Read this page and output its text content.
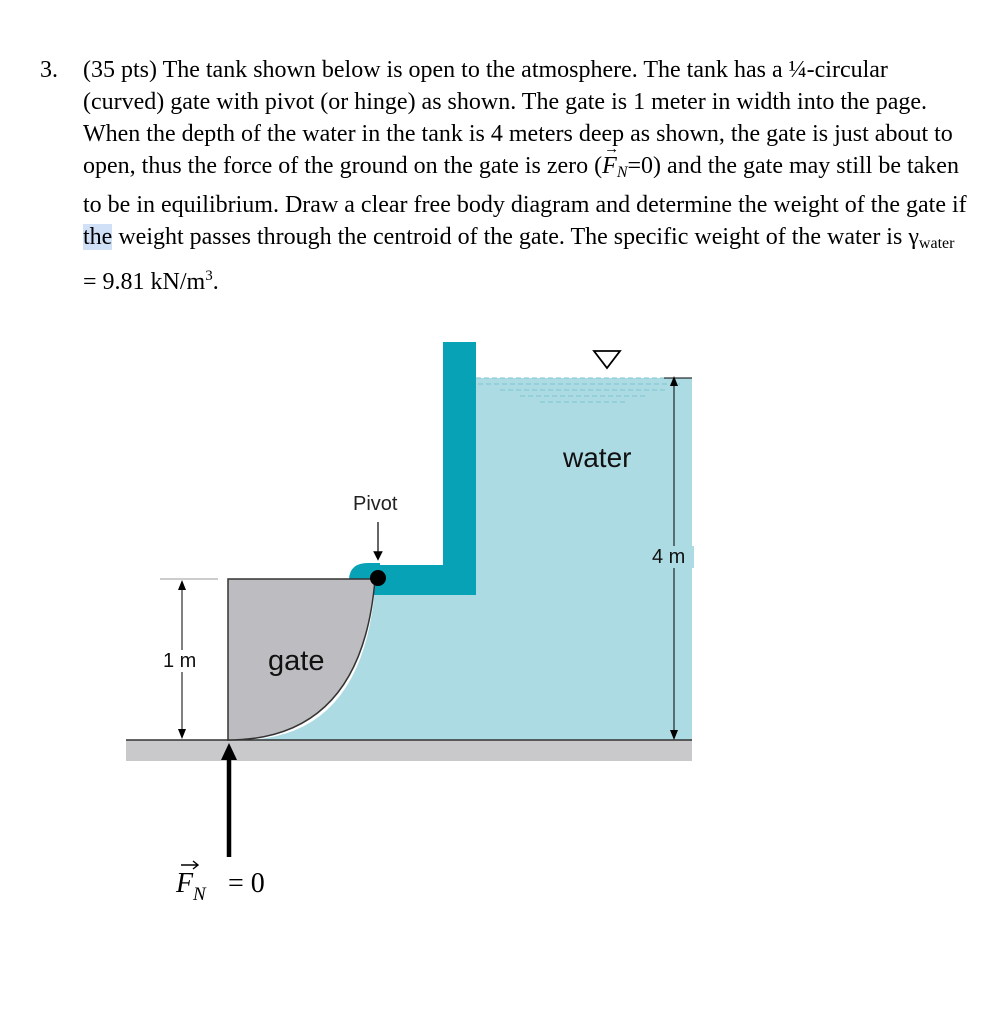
3. (35 pts) The tank shown below is open to the atmosphere. The tank has a ¼-circular (curved) gate with pivot (or hinge) as shown. The gate is 1 meter in width into the page. When the depth of the water in the tank is 4 meters deep as shown, the gate is just about to open, thus the force of the ground on the gate is zero (→ $F_N=0$) and the gate may still be taken to be in equilibrium. Draw a clear free body diagram and determine the weight of the gate if the weight passes through the centroid of the gate. The specific weight of the water is $\gamma_{water} = 9.81$ $kN/m^3$.
Pivot
water
gate
4 m
1 m
F N = 0
